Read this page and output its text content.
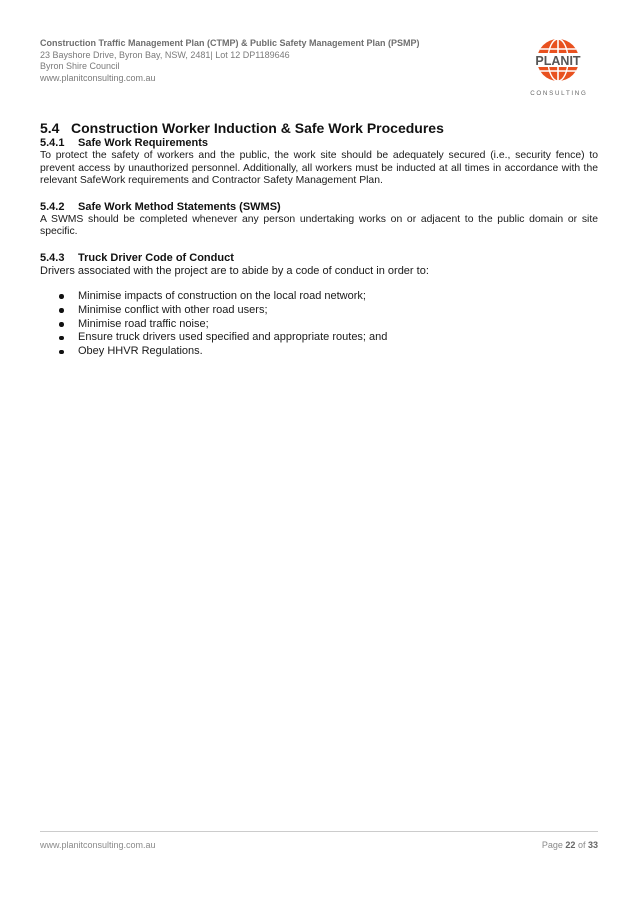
Construction Traffic Management Plan (CTMP) & Public Safety Management Plan (PSMP)
23 Bayshore Drive, Byron Bay, NSW, 2481| Lot 12 DP1189646
Byron Shire Council
www.planitconsulting.com.au
PLANIT
C O N S U L T I N G
5.4 Construction Worker Induction & Safe Work Procedures
5.4.1 Safe Work Requirements

To protect the safety of workers and the public, the work site should be adequately secured (i.e., security fence) to prevent access by unauthorized personnel. Additionally, all workers must be inducted at all times in accordance with the relevant SafeWork requirements and Contractor Safety Management Plan.

5.4.2 Safe Work Method Statements (SWMS)

A SWMS should be completed whenever any person undertaking works on or adjacent to the public domain or site specific.

5.4.3 Truck Driver Code of Conduct

Drivers associated with the project are to abide by a code of conduct in order to:

Minimise impacts of construction on the local road network;
Minimise conflict with other road users;
Minimise road traffic noise;
Ensure truck drivers used specified and appropriate routes; and
Obey HHVR Regulations.
www.planitconsulting.com.au	Page 22 of 33
